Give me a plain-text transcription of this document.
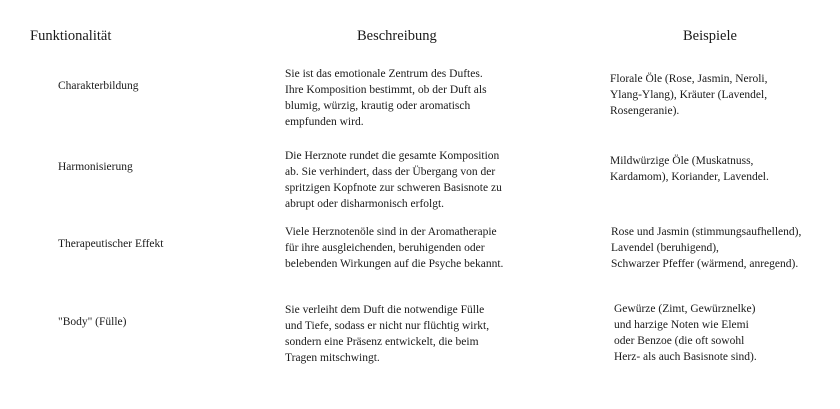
Funktionalität	Beschreibung	Beispiele
Charakterbildung
Sie ist das emotionale Zentrum des Duftes.
Ihre Komposition bestimmt, ob der Duft als
blumig, würzig, krautig oder aromatisch
empfunden wird.
Florale Öle (Rose, Jasmin, Neroli,
Ylang-Ylang), Kräuter (Lavendel,
Rosengeranie).
Harmonisierung
Die Herznote rundet die gesamte Komposition
ab. Sie verhindert, dass der Übergang von der
spritzigen Kopfnote zur schweren Basisnote zu
abrupt oder disharmonisch erfolgt.
Mildwürzige Öle (Muskatnuss,
Kardamom), Koriander, Lavendel.
Therapeutischer Effekt
Viele Herznotenöle sind in der Aromatherapie
für ihre ausgleichenden, beruhigenden oder
belebenden Wirkungen auf die Psyche bekannt.
Rose und Jasmin (stimmungsaufhellend),
Lavendel (beruhigend),
Schwarzer Pfeffer (wärmend, anregend).
"Body" (Fülle)
Sie verleiht dem Duft die notwendige Fülle
und Tiefe, sodass er nicht nur flüchtig wirkt,
sondern eine Präsenz entwickelt, die beim
Tragen mitschwingt.
Gewürze (Zimt, Gewürznelke)
und harzige Noten wie Elemi
oder Benzoe (die oft sowohl
Herz- als auch Basisnote sind).
